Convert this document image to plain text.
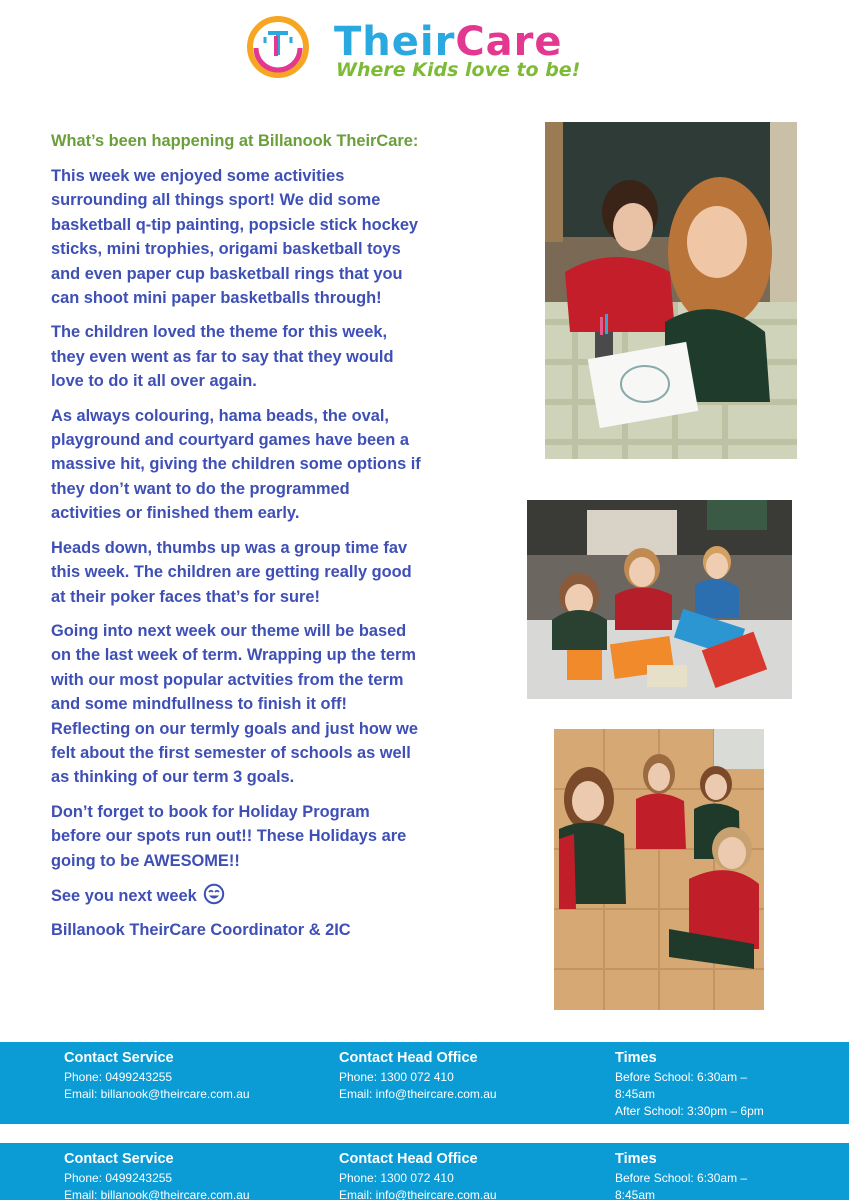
TheirCare
Where Kids love to be!

What’s been happening at Billanook TheirCare:

This week we enjoyed some activities
surrounding all things sport! We did some
basketball q-tip painting, popsicle stick hockey
sticks, mini trophies, origami basketball toys
and even paper cup basketball rings that you
can shoot mini paper basketballs through!

The children loved the theme for this week,
they even went as far to say that they would
love to do it all over again.

As always colouring, hama beads, the oval,
playground and courtyard games have been a
massive hit, giving the children some options if
they don’t want to do the programmed
activities or finished them early.

Heads down, thumbs up was a group time fav
this week. The children are getting really good
at their poker faces that’s for sure!

Going into next week our theme will be based
on the last week of term. Wrapping up the term
with our most popular actvities from the term
and some mindfullness to finish it off!
Reflecting on our termly goals and just how we
felt about the first semester of schools as well
as thinking of our term 3 goals.

Don’t forget to book for Holiday Program
before our spots run out!! These Holidays are
going to be AWESOME!!

See you next week

Billanook TheirCare Coordinator & 2IC

Contact Service
Phone: 0499243255
Email: billanook@theircare.com.au
Contact Head Office
Phone: 1300 072 410
Email: info@theircare.com.au
Times
Before School: 6:30am –
8:45am
After School: 3:30pm – 6pm
Contact Service
Phone: 0499243255
Email: billanook@theircare.com.au
Contact Head Office
Phone: 1300 072 410
Email: info@theircare.com.au
Times
Before School: 6:30am –
8:45am
